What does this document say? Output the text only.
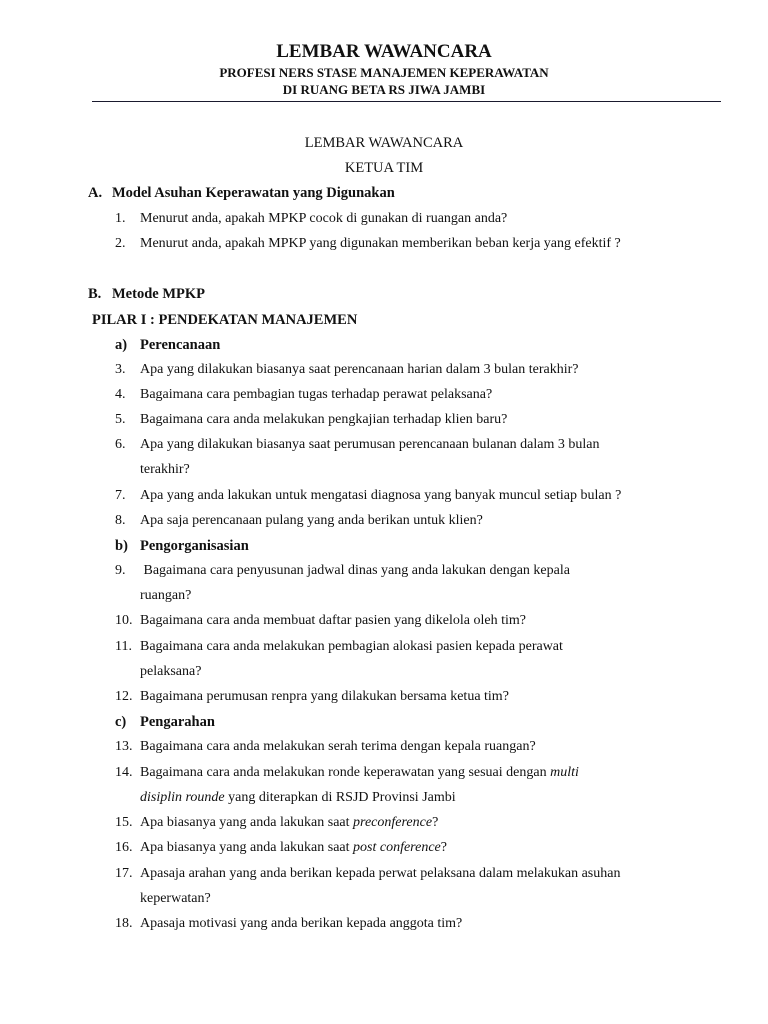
LEMBAR WAWANCARA
PROFESI NERS STASE MANAJEMEN KEPERAWATAN
DI RUANG BETA RS JIWA JAMBI
LEMBAR WAWANCARA
KETUA TIM
A. Model Asuhan Keperawatan yang Digunakan
1. Menurut anda, apakah MPKP cocok di gunakan di ruangan anda?
2. Menurut anda, apakah MPKP yang digunakan memberikan beban kerja yang efektif ?
B. Metode MPKP
PILAR I : PENDEKATAN MANAJEMEN
a) Perencanaan
3. Apa yang dilakukan biasanya saat perencanaan harian dalam 3 bulan terakhir?
4. Bagaimana cara pembagian tugas terhadap perawat pelaksana?
5. Bagaimana cara anda melakukan pengkajian terhadap klien baru?
6. Apa yang dilakukan biasanya saat perumusan perencanaan bulanan dalam 3 bulan
terakhir?
7. Apa yang anda lakukan untuk mengatasi diagnosa yang banyak muncul setiap bulan ?
8. Apa saja perencanaan pulang yang anda berikan untuk klien?
b) Pengorganisasian
9. Bagaimana cara penyusunan jadwal dinas yang anda lakukan dengan kepala
ruangan?
10. Bagaimana cara anda membuat daftar pasien yang dikelola oleh tim?
11. Bagaimana cara anda melakukan pembagian alokasi pasien kepada perawat
pelaksana?
12. Bagaimana perumusan renpra yang dilakukan bersama ketua tim?
c) Pengarahan
13. Bagaimana cara anda melakukan serah terima dengan kepala ruangan?
14. Bagaimana cara anda melakukan ronde keperawatan yang sesuai dengan multi
disiplin rounde yang diterapkan di RSJD Provinsi Jambi
15. Apa biasanya yang anda lakukan saat preconference?
16. Apa biasanya yang anda lakukan saat post conference?
17. Apasaja arahan yang anda berikan kepada perwat pelaksana dalam melakukan asuhan
keperwatan?
18. Apasaja motivasi yang anda berikan kepada anggota tim?
